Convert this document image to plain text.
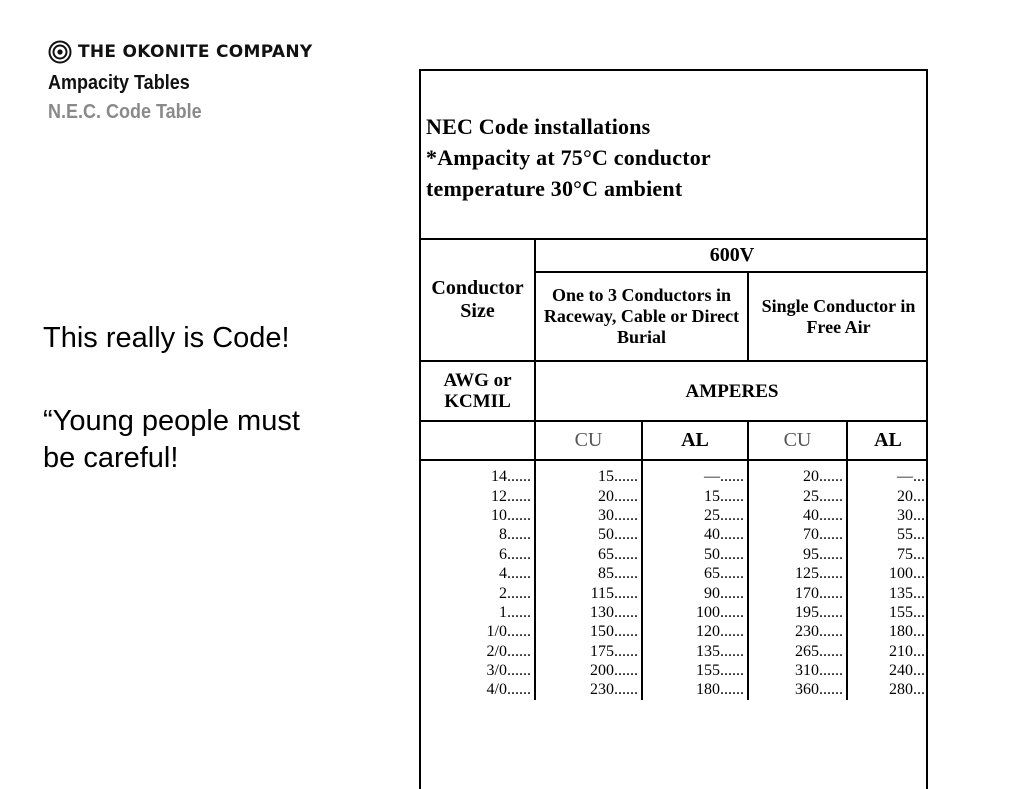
THE OKONITE COMPANY
Ampacity Tables
N.E.C. Code Table
This really is Code!
“Young people must
be careful!
NEC Code installations
*Ampacity at 75°C conductor
temperature 30°C ambient
Conductor Size	600V			
	One to 3 Conductors in Raceway, Cable or Direct Burial		Single Conductor in Free Air	
AWG or KCMIL	AMPERES			
	CU	AL	CU	AL
14......	15......	—......	20......	—...
12......	20......	15......	25......	20...
10......	30......	25......	40......	30...
8......	50......	40......	70......	55...
6......	65......	50......	95......	75...
4......	85......	65......	125......	100...
2......	115......	90......	170......	135...
1......	130......	100......	195......	155...
1/0......	150......	120......	230......	180...
2/0......	175......	135......	265......	210...
3/0......	200......	155......	310......	240...
4/0......	230......	180......	360......	280...
